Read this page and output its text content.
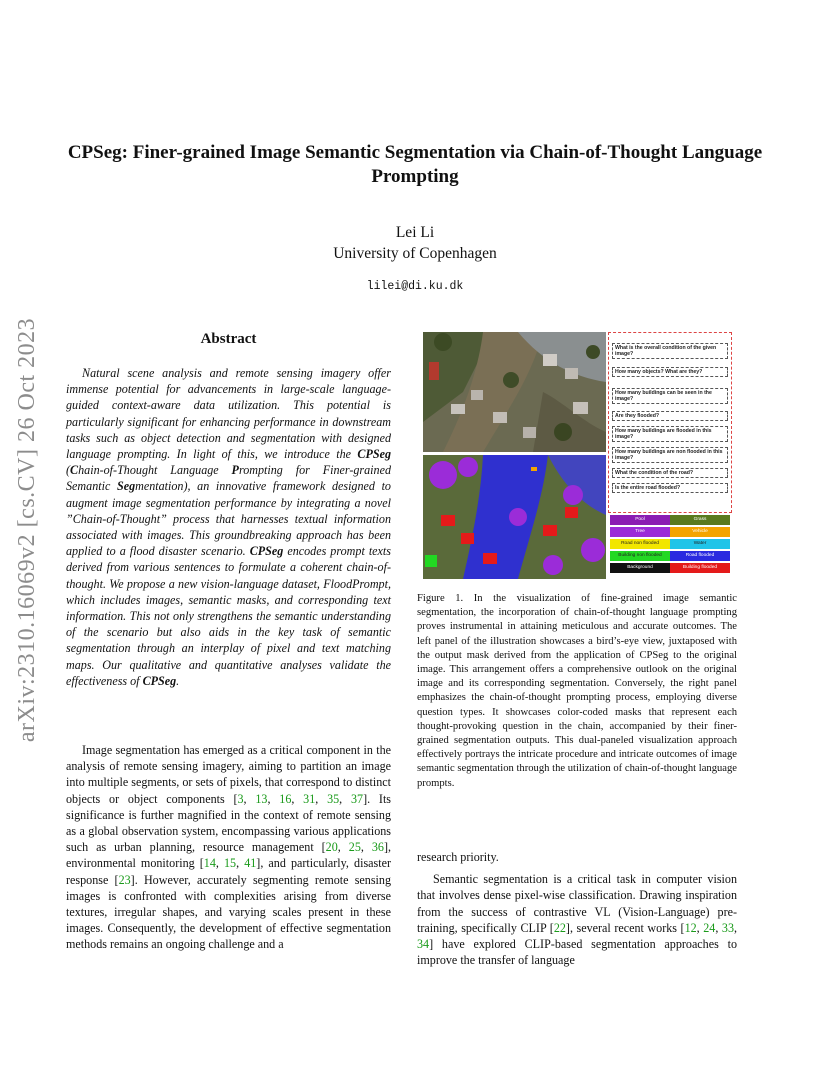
arXiv:2310.16069v2 [cs.CV] 26 Oct 2023
CPSeg: Finer-grained Image Semantic Segmentation via Chain-of-Thought Language Prompting
Lei Li
University of Copenhagen
lilei@di.ku.dk
Abstract

Natural scene analysis and remote sensing imagery offer immense potential for advancements in large-scale language-guided context-aware data utilization. This potential is particularly significant for enhancing performance in downstream tasks such as object detection and segmentation with designed language prompting. In light of this, we introduce the CPSeg (Chain-of-Thought Language Prompting for Finer-grained Semantic Segmentation), an innovative framework designed to augment image segmentation performance by integrating a novel ”Chain-of-Thought” process that harnesses textual information associated with images. This groundbreaking approach has been applied to a flood disaster scenario. CPSeg encodes prompt texts derived from various sentences to formulate a coherent chain-of-thought. We propose a new vision-language dataset, FloodPrompt, which includes images, semantic masks, and corresponding text information. This not only strengthens the semantic understanding of the scenario but also aids in the key task of semantic segmentation through an interplay of pixel and text matching maps. Our qualitative and quantitative analyses validate the effectiveness of CPSeg.

Image segmentation has emerged as a critical component in the analysis of remote sensing imagery, aiming to partition an image into multiple segments, or sets of pixels, that correspond to distinct objects or object components [3, 13, 16, 31, 35, 37]. Its significance is further magnified in the context of remote sensing as a global observation system, encompassing various applications such as urban planning, resource management [20, 25, 36], environmental monitoring [14, 15, 41], and particularly, disaster response [23]. However, accurately segmenting remote sensing images is confronted with complexities arising from diverse textures, irregular shapes, and varying scales present in these images. Consequently, the development of effective segmentation methods remains an ongoing challenge and a

What is the overall condition of the given image?
How many objects? What are they?
How many buildings can be seen in the image?
Are they flooded?
How many buildings are flooded in this image?
How many buildings are non flooded in this image?
What the condition of the road?
Is the entire road flooded?
Pool	Grass
Tree	Vehicle
Road non flooded	Water
Building non flooded	Road flooded
Background	Building flooded
Figure 1. In the visualization of fine-grained image semantic segmentation, the incorporation of chain-of-thought language prompting proves instrumental in attaining meticulous and accurate outcomes. The left panel of the illustration showcases a bird’s-eye view, juxtaposed with the output mask derived from the application of CPSeg to the original image. This arrangement offers a comprehensive outlook on the original image and its corresponding segmentation. Conversely, the right panel emphasizes the chain-of-thought prompting process, employing diverse question types. It showcases color-coded masks that represent each thought-provoking question in the chain, accompanied by their finer-grained segmentation outputs. This dual-paneled visualization approach effectively portrays the intricate procedure and intricate outcomes of image semantic segmentation through the utilization of chain-of-thought language prompts.

research priority.

Semantic segmentation is a critical task in computer vision that involves dense pixel-wise classification. Drawing inspiration from the success of contrastive VL (Vision-Language) pre-training, specifically CLIP [22], several recent works [12, 24, 33, 34] have explored CLIP-based segmentation approaches to improve the transfer of language
